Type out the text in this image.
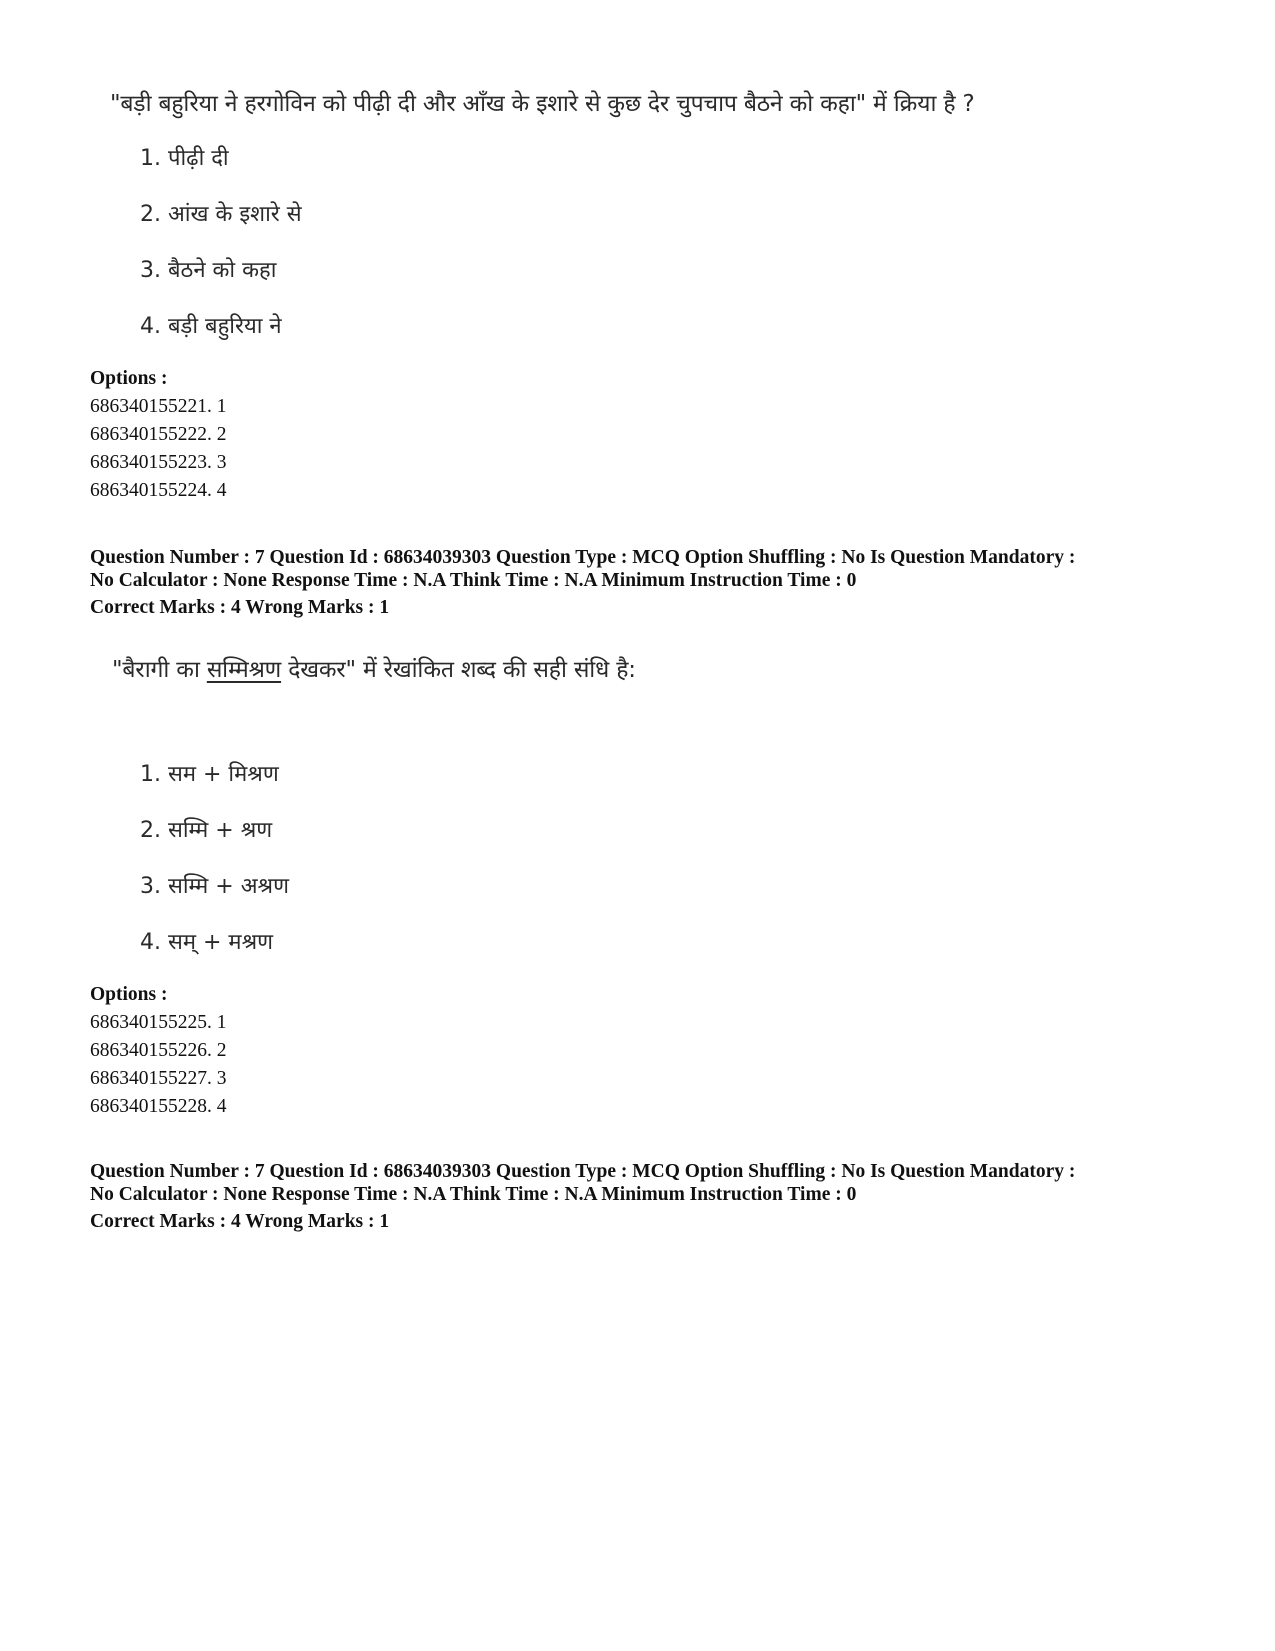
"बड़ी बहुरिया ने हरगोविन को पीढ़ी दी और आँख के इशारे से कुछ देर चुपचाप बैठने को कहा" में क्रिया है ?
1. पीढ़ी दी
2. आंख के इशारे से
3. बैठने को कहा
4. बड़ी बहुरिया ने
Options :
686340155221. 1
686340155222. 2
686340155223. 3
686340155224. 4
Question Number : 7 Question Id : 68634039303 Question Type : MCQ Option Shuffling : No Is Question Mandatory :
No Calculator : None Response Time : N.A Think Time : N.A Minimum Instruction Time : 0
Correct Marks : 4 Wrong Marks : 1
"बैरागी का सम्मिश्रण देखकर" में रेखांकित शब्द की सही संधि है:
1. सम + मिश्रण
2. सम्मि + श्रण
3. सम्मि + अश्रण
4. सम् + मश्रण
Options :
686340155225. 1
686340155226. 2
686340155227. 3
686340155228. 4
Question Number : 7 Question Id : 68634039303 Question Type : MCQ Option Shuffling : No Is Question Mandatory :
No Calculator : None Response Time : N.A Think Time : N.A Minimum Instruction Time : 0
Correct Marks : 4 Wrong Marks : 1
